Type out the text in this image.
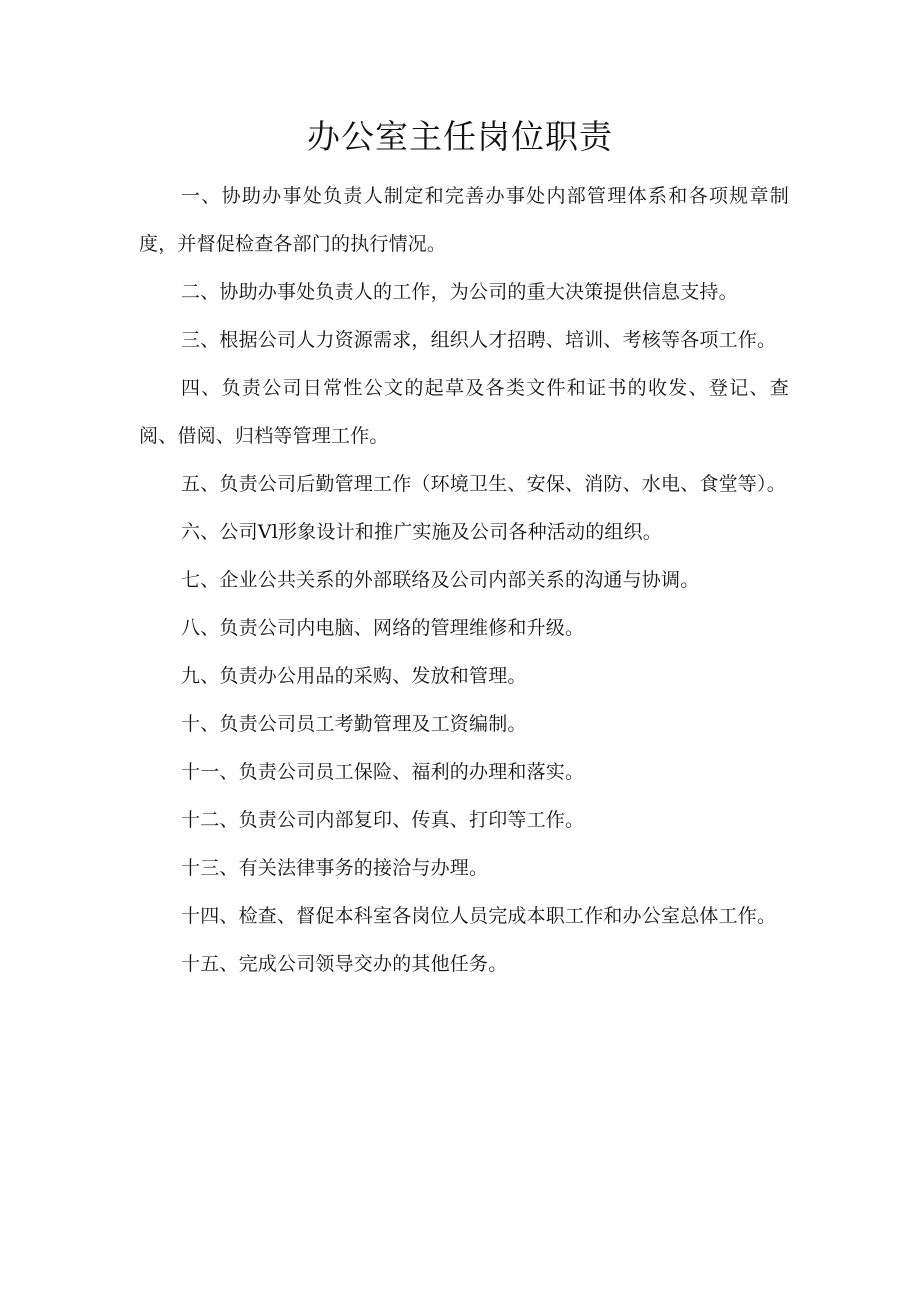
办公室主任岗位职责

一、协助办事处负责人制定和完善办事处内部管理体系和各项规章制度，并督促检查各部门的执行情况。

二、协助办事处负责人的工作，为公司的重大决策提供信息支持。

三、根据公司人力资源需求，组织人才招聘、培训、考核等各项工作。

四、负责公司日常性公文的起草及各类文件和证书的收发、登记、查阅、借阅、归档等管理工作。

五、负责公司后勤管理工作（环境卫生、安保、消防、水电、食堂等）。

六、公司Vl形象设计和推广实施及公司各种活动的组织。

七、企业公共关系的外部联络及公司内部关系的沟通与协调。

八、负责公司内电脑、网络的管理维修和升级。

九、负责办公用品的采购、发放和管理。

十、负责公司员工考勤管理及工资编制。

十一、负责公司员工保险、福利的办理和落实。

十二、负责公司内部复印、传真、打印等工作。

十三、有关法律事务的接洽与办理。

十四、检查、督促本科室各岗位人员完成本职工作和办公室总体工作。

十五、完成公司领导交办的其他任务。
